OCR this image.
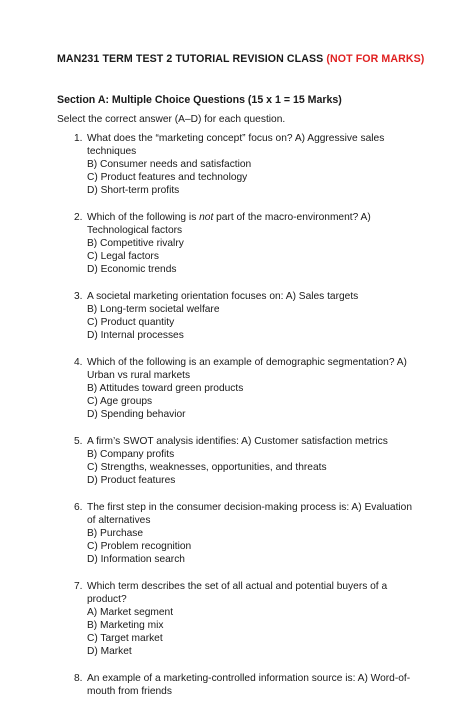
MAN231 TERM TEST 2 TUTORIAL REVISION CLASS (NOT FOR MARKS)
Section A: Multiple Choice Questions (15 x 1 = 15 Marks)
Select the correct answer (A–D) for each question.
1. What does the “marketing concept” focus on? A) Aggressive sales techniques
B) Consumer needs and satisfaction
C) Product features and technology
D) Short-term profits
2. Which of the following is not part of the macro-environment? A) Technological factors
B) Competitive rivalry
C) Legal factors
D) Economic trends
3. A societal marketing orientation focuses on: A) Sales targets
B) Long-term societal welfare
C) Product quantity
D) Internal processes
4. Which of the following is an example of demographic segmentation? A) Urban vs rural markets
B) Attitudes toward green products
C) Age groups
D) Spending behavior
5. A firm’s SWOT analysis identifies: A) Customer satisfaction metrics
B) Company profits
C) Strengths, weaknesses, opportunities, and threats
D) Product features
6. The first step in the consumer decision-making process is: A) Evaluation of alternatives
B) Purchase
C) Problem recognition
D) Information search
7. Which term describes the set of all actual and potential buyers of a product?
A) Market segment
B) Marketing mix
C) Target market
D) Market
8. An example of a marketing-controlled information source is: A) Word-of-mouth from friends
